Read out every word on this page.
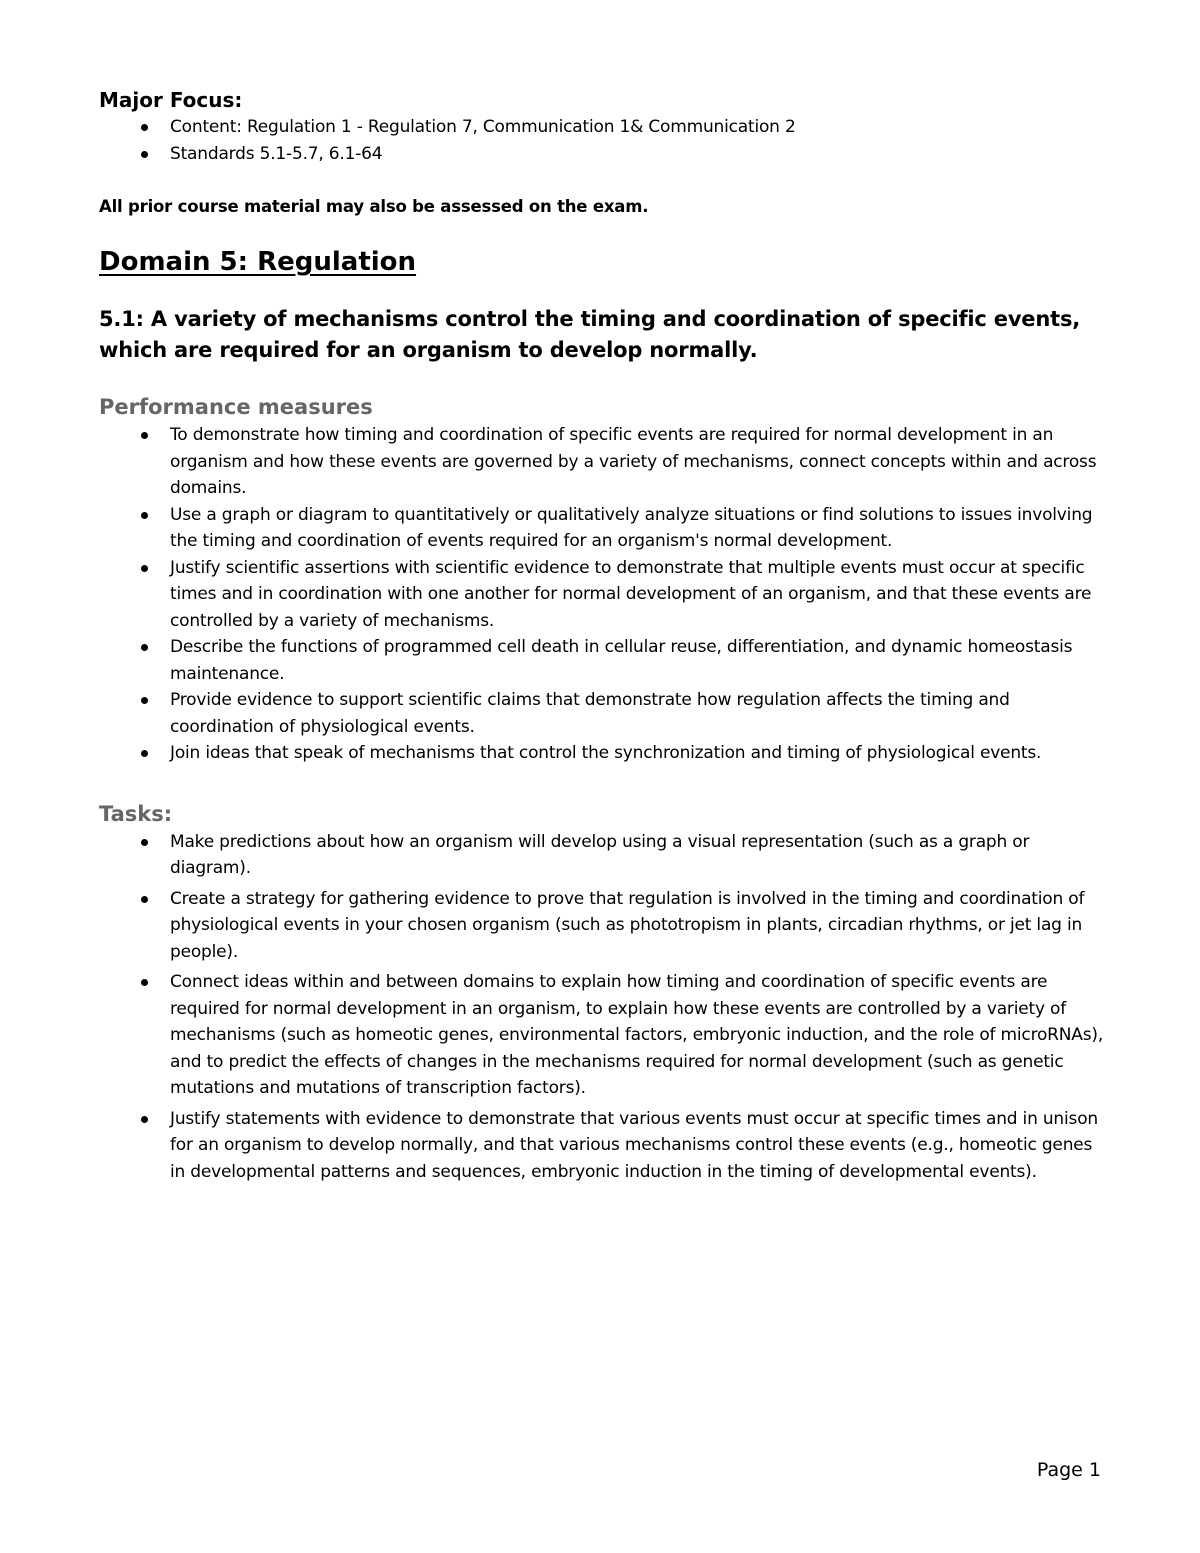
Major Focus:

Content: Regulation 1 - Regulation 7, Communication 1& Communication 2
Standards 5.1-5.7, 6.1-64

All prior course material may also be assessed on the exam.

Domain 5: Regulation
5.1: A variety of mechanisms control the timing and coordination of specific events, which are required for an organism to develop normally.
Performance measures
To demonstrate how timing and coordination of specific events are required for normal development in an organism and how these events are governed by a variety of mechanisms, connect concepts within and across domains.
Use a graph or diagram to quantitatively or qualitatively analyze situations or find solutions to issues involving the timing and coordination of events required for an organism's normal development.
Justify scientific assertions with scientific evidence to demonstrate that multiple events must occur at specific times and in coordination with one another for normal development of an organism, and that these events are controlled by a variety of mechanisms.
Describe the functions of programmed cell death in cellular reuse, differentiation, and dynamic homeostasis maintenance.
Provide evidence to support scientific claims that demonstrate how regulation affects the timing and coordination of physiological events.
Join ideas that speak of mechanisms that control the synchronization and timing of physiological events.
Tasks:
Make predictions about how an organism will develop using a visual representation (such as a graph or diagram).
Create a strategy for gathering evidence to prove that regulation is involved in the timing and coordination of physiological events in your chosen organism (such as phototropism in plants, circadian rhythms, or jet lag in people).
Connect ideas within and between domains to explain how timing and coordination of specific events are required for normal development in an organism, to explain how these events are controlled by a variety of mechanisms (such as homeotic genes, environmental factors, embryonic induction, and the role of microRNAs), and to predict the effects of changes in the mechanisms required for normal development (such as genetic mutations and mutations of transcription factors).
Justify statements with evidence to demonstrate that various events must occur at specific times and in unison for an organism to develop normally, and that various mechanisms control these events (e.g., homeotic genes in developmental patterns and sequences, embryonic induction in the timing of developmental events).
Page 1
